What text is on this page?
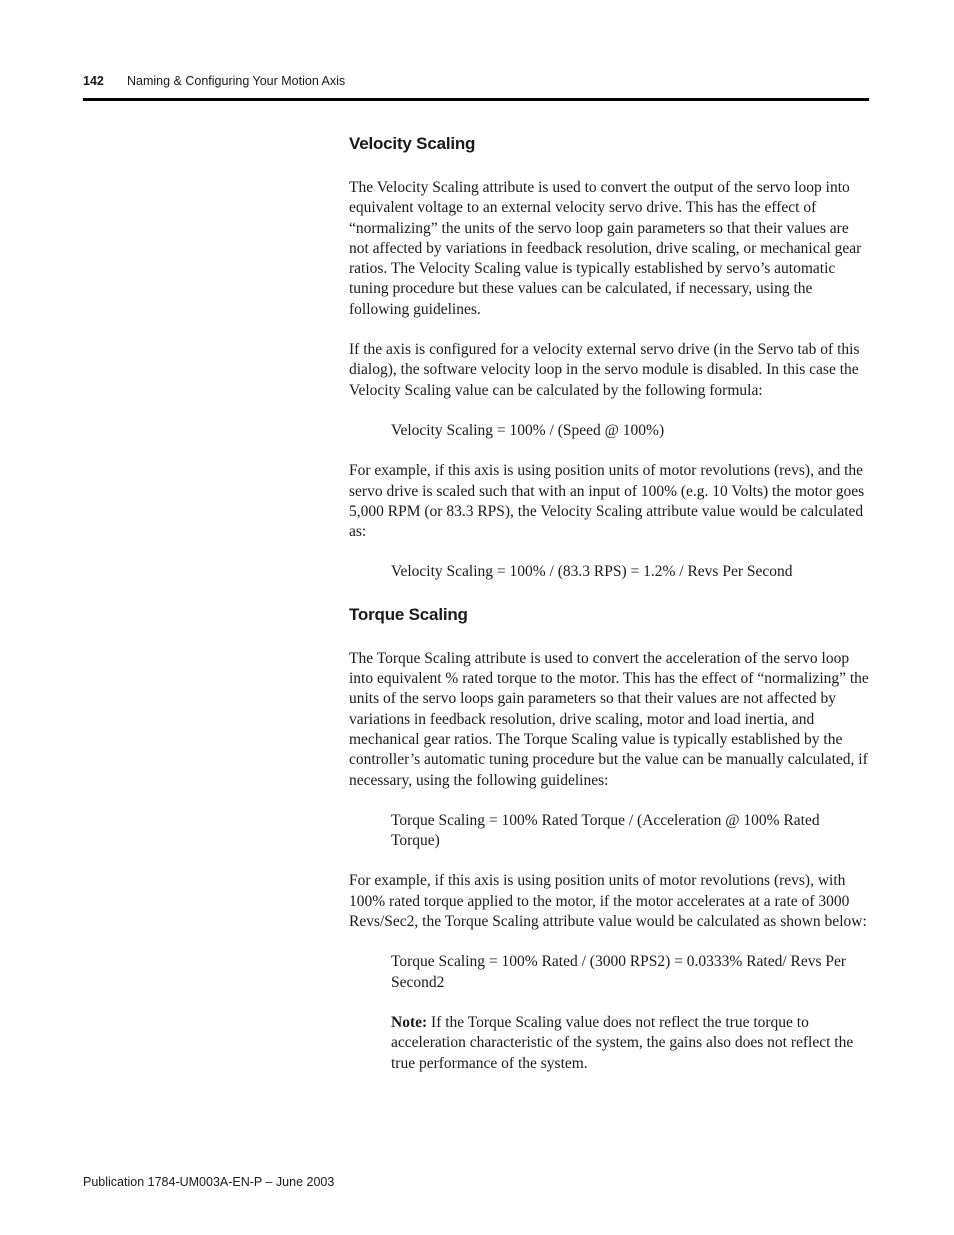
142 Naming & Configuring Your Motion Axis
Velocity Scaling

The Velocity Scaling attribute is used to convert the output of the servo loop into equivalent voltage to an external velocity servo drive. This has the effect of “normalizing” the units of the servo loop gain parameters so that their values are not affected by variations in feedback resolution, drive scaling, or mechanical gear ratios. The Velocity Scaling value is typically established by servo’s automatic tuning procedure but these values can be calculated, if necessary, using the following guidelines.

If the axis is configured for a velocity external servo drive (in the Servo tab of this dialog), the software velocity loop in the servo module is disabled. In this case the Velocity Scaling value can be calculated by the following formula:

Velocity Scaling = 100% / (Speed @ 100%)

For example, if this axis is using position units of motor revolutions (revs), and the servo drive is scaled such that with an input of 100% (e.g. 10 Volts) the motor goes 5,000 RPM (or 83.3 RPS), the Velocity Scaling attribute value would be calculated as:

Velocity Scaling = 100% / (83.3 RPS) = 1.2% / Revs Per Second

Torque Scaling

The Torque Scaling attribute is used to convert the acceleration of the servo loop into equivalent % rated torque to the motor. This has the effect of “normalizing” the units of the servo loops gain parameters so that their values are not affected by variations in feedback resolution, drive scaling, motor and load inertia, and mechanical gear ratios. The Torque Scaling value is typically established by the controller’s automatic tuning procedure but the value can be manually calculated, if necessary, using the following guidelines:

Torque Scaling = 100% Rated Torque / (Acceleration @ 100% Rated Torque)

For example, if this axis is using position units of motor revolutions (revs), with 100% rated torque applied to the motor, if the motor accelerates at a rate of 3000 Revs/Sec2, the Torque Scaling attribute value would be calculated as shown below:

Torque Scaling = 100% Rated / (3000 RPS2) = 0.0333% Rated/ Revs Per Second2

Note: If the Torque Scaling value does not reflect the true torque to acceleration characteristic of the system, the gains also does not reflect the true performance of the system.

Publication 1784-UM003A-EN-P – June 2003
